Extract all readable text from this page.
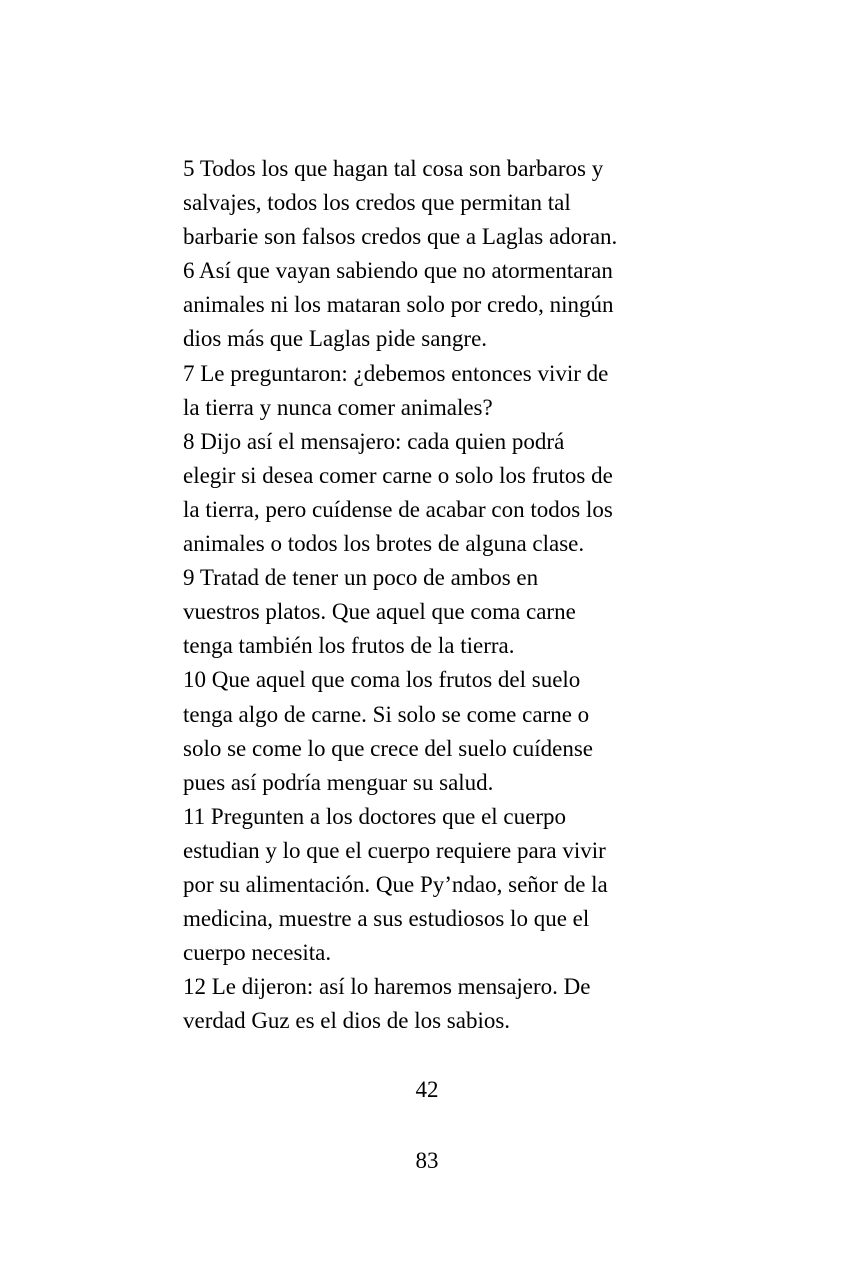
5 Todos los que hagan tal cosa son barbaros y
salvajes, todos los credos que permitan tal
barbarie son falsos credos que a Laglas adoran.
6 Así que vayan sabiendo que no atormentaran
animales ni los mataran solo por credo, ningún
dios más que Laglas pide sangre.
7 Le preguntaron: ¿debemos entonces vivir de
la tierra y nunca comer animales?
8 Dijo así el mensajero: cada quien podrá
elegir si desea comer carne o solo los frutos de
la tierra, pero cuídense de acabar con todos los
animales o todos los brotes de alguna clase.
9 Tratad de tener un poco de ambos en
vuestros platos. Que aquel que coma carne
tenga también los frutos de la tierra.
10 Que aquel que coma los frutos del suelo
tenga algo de carne. Si solo se come carne o
solo se come lo que crece del suelo cuídense
pues así podría menguar su salud.
11 Pregunten a los doctores que el cuerpo
estudian y lo que el cuerpo requiere para vivir
por su alimentación. Que Py’ndao, señor de la
medicina, muestre a sus estudiosos lo que el
cuerpo necesita.
12 Le dijeron: así lo haremos mensajero. De
verdad Guz es el dios de los sabios.
42
83
